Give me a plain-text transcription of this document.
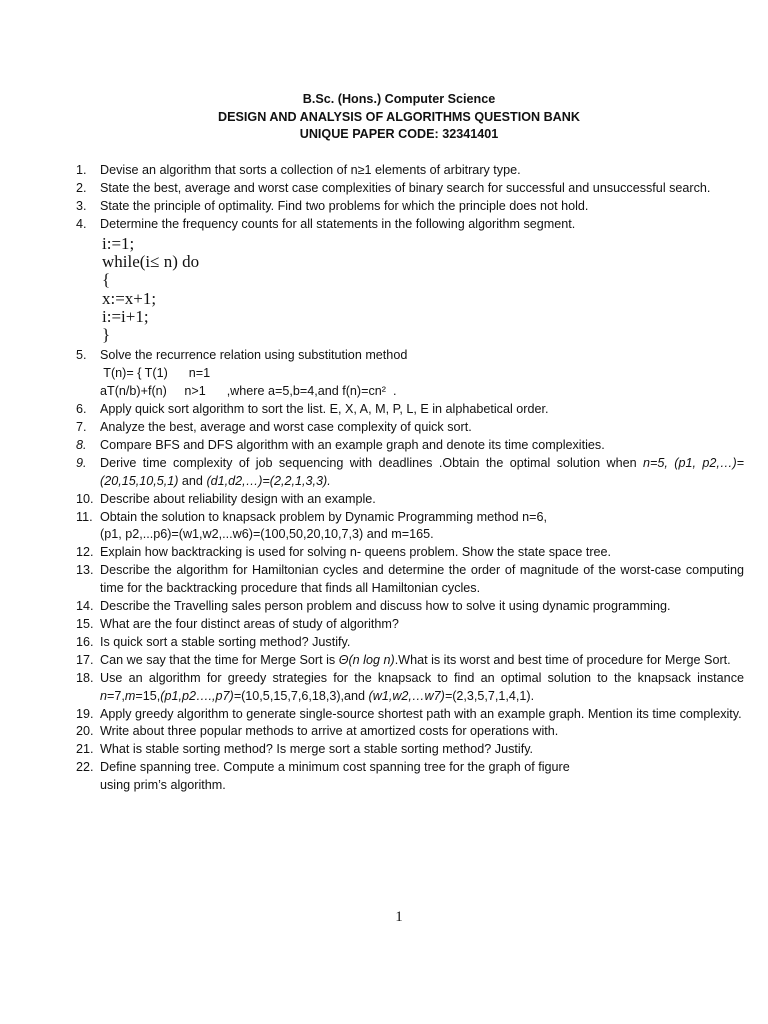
B.Sc. (Hons.) Computer Science
DESIGN AND ANALYSIS OF ALGORITHMS QUESTION BANK
UNIQUE PAPER CODE: 32341401
1. Devise an algorithm that sorts a collection of n≥1 elements of arbitrary type.
2. State the best, average and worst case complexities of binary search for successful and unsuccessful search.
3. State the principle of optimality. Find two problems for which the principle does not hold.
4. Determine the frequency counts for all statements in the following algorithm segment.
i:=1;
while(i≤ n) do
{
x:=x+1;
i:=i+1;
}
5. Solve the recurrence relation using substitution method
T(n)= { T(1)      n=1
aT(n/b)+f(n)     n>1      ,where a=5,b=4,and f(n)=cn²  .
6. Apply quick sort algorithm to sort the list. E, X, A, M, P, L, E in alphabetical order.
7. Analyze the best, average and worst case complexity of quick sort.
8. Compare BFS and DFS algorithm with an example graph and denote its time complexities.
9. Derive time complexity of job sequencing with deadlines .Obtain the optimal solution when n=5, (p1, p2,…)=(20,15,10,5,1) and (d1,d2,…)=(2,2,1,3,3).
10. Describe about reliability design with an example.
11. Obtain the solution to knapsack problem by Dynamic Programming method n=6,
(p1, p2,...p6)=(w1,w2,...w6)=(100,50,20,10,7,3) and m=165.
12. Explain how backtracking is used for solving n- queens problem. Show the state space tree.
13. Describe the algorithm for Hamiltonian cycles and determine the order of magnitude of the worst-case computing time for the backtracking procedure that finds all Hamiltonian cycles.
14. Describe the Travelling sales person problem and discuss how to solve it using dynamic programming.
15. What are the four distinct areas of study of algorithm?
16. Is quick sort a stable sorting method? Justify.
17. Can we say that the time for Merge Sort is Θ(n log n).What is its worst and best time of procedure for Merge Sort.
18. Use an algorithm for greedy strategies for the knapsack to find an optimal solution to the knapsack instance n=7,m=15,(p1,p2….,p7)=(10,5,15,7,6,18,3),and (w1,w2,…w7)=(2,3,5,7,1,4,1).
19. Apply greedy algorithm to generate single-source shortest path with an example graph. Mention its time complexity.
20. Write about three popular methods to arrive at amortized costs for operations with.
21. What is stable sorting method? Is merge sort a stable sorting method? Justify.
22. Define spanning tree. Compute a minimum cost spanning tree for the graph of figure
using prim’s algorithm.
1
